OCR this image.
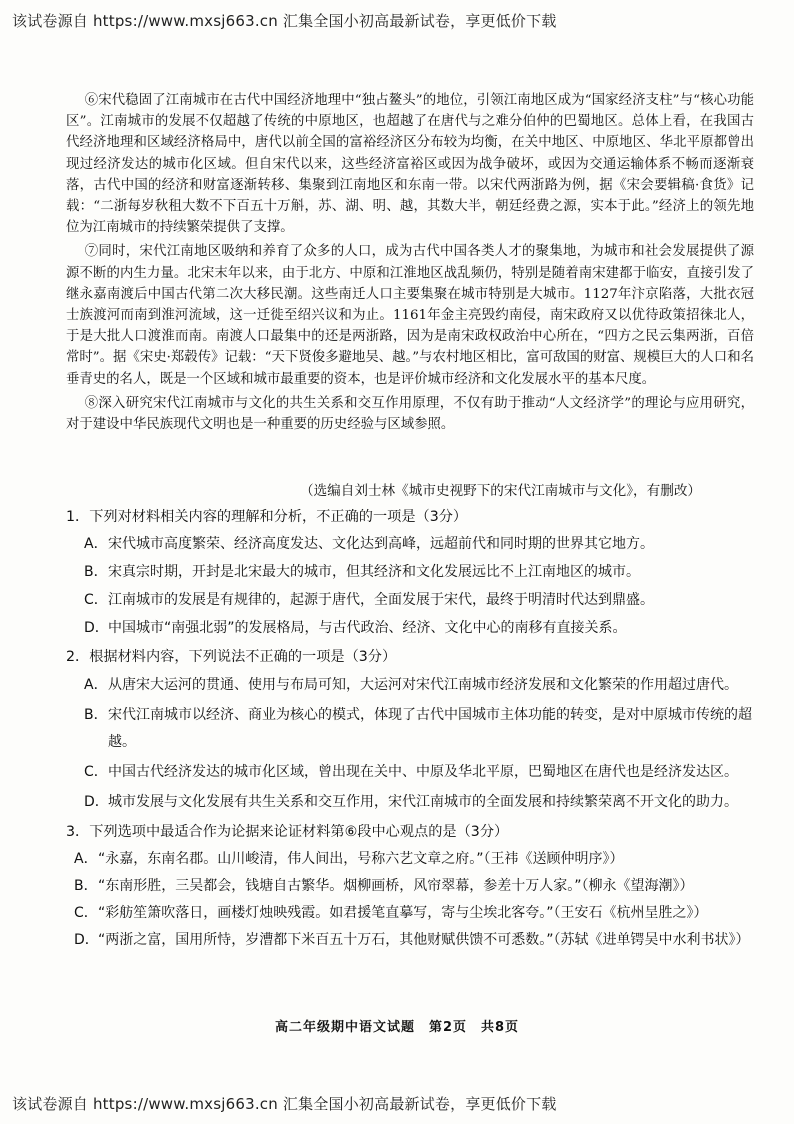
该试卷源自 https://www.mxsj663.cn 汇集全国小初高最新试卷，享更低价下载

⑥宋代稳固了江南城市在古代中国经济地理中“独占鳌头”的地位，引领江南地区成为“国家经济支柱”与“核心功能区”。江南城市的发展不仅超越了传统的中原地区，也超越了在唐代与之难分伯仲的巴蜀地区。总体上看，在我国古代经济地理和区域经济格局中，唐代以前全国的富裕经济区分布较为均衡，在关中地区、中原地区、华北平原都曾出现过经济发达的城市化区域。但自宋代以来，这些经济富裕区或因为战争破坏，或因为交通运输体系不畅而逐渐衰落，古代中国的经济和财富逐渐转移、集聚到江南地区和东南一带。以宋代两浙路为例，据《宋会要辑稿·食货》记载：“二浙每岁秋租大数不下百五十万斛，苏、湖、明、越，其数大半，朝廷经费之源，实本于此。”经济上的领先地位为江南城市的持续繁荣提供了支撑。

⑦同时，宋代江南地区吸纳和养育了众多的人口，成为古代中国各类人才的聚集地，为城市和社会发展提供了源源不断的内生力量。北宋末年以来，由于北方、中原和江淮地区战乱频仍，特别是随着南宋建都于临安，直接引发了继永嘉南渡后中国古代第二次大移民潮。这些南迁人口主要集聚在城市特别是大城市。1127年汴京陷落，大批衣冠士族渡河而南到淮河流域，这一迁徙至绍兴议和为止。1161年金主亮毁约南侵，南宋政府又以优待政策招徕北人，于是大批人口渡淮而南。南渡人口最集中的还是两浙路，因为是南宋政权政治中心所在，“四方之民云集两浙，百倍常时”。据《宋史·郑毂传》记载：“天下贤俊多避地吴、越。”与农村地区相比，富可敌国的财富、规模巨大的人口和名垂青史的名人，既是一个区域和城市最重要的资本，也是评价城市经济和文化发展水平的基本尺度。

⑧深入研究宋代江南城市与文化的共生关系和交互作用原理，不仅有助于推动“人文经济学”的理论与应用研究，对于建设中华民族现代文明也是一种重要的历史经验与区域参照。

（选编自刘士林《城市史视野下的宋代江南城市与文化》，有删改）
1．下列对材料相关内容的理解和分析，不正确的一项是（3分）
A． 宋代城市高度繁荣、经济高度发达、文化达到高峰，远超前代和同时期的世界其它地方。
B． 宋真宗时期，开封是北宋最大的城市，但其经济和文化发展远比不上江南地区的城市。
C． 江南城市的发展是有规律的，起源于唐代，全面发展于宋代，最终于明清时代达到鼎盛。
D． 中国城市“南强北弱”的发展格局，与古代政治、经济、文化中心的南移有直接关系。
2．根据材料内容，下列说法不正确的一项是（3分）
A． 从唐宋大运河的贯通、使用与布局可知，大运河对宋代江南城市经济发展和文化繁荣的作用超过唐代。
B． 宋代江南城市以经济、商业为核心的模式，体现了古代中国城市主体功能的转变，是对中原城市传统的超越。
C． 中国古代经济发达的城市化区域，曾出现在关中、中原及华北平原，巴蜀地区在唐代也是经济发达区。
D． 城市发展与文化发展有共生关系和交互作用，宋代江南城市的全面发展和持续繁荣离不开文化的助力。
3．下列选项中最适合作为论据来论证材料第⑥段中心观点的是（3分）
A． “永嘉，东南名郡。山川峻清，伟人间出，号称六艺文章之府。”（王祎《送顾仲明序》）
B． “东南形胜，三吴都会，钱塘自古繁华。烟柳画桥，风帘翠幕，参差十万人家。”（柳永《望海潮》）
C． “彩舫笙箫吹落日，画楼灯烛映残霞。如君援笔直摹写，寄与尘埃北客夸。”（王安石《杭州呈胜之》）
D． “两浙之富，国用所恃，岁漕都下米百五十万石，其他财赋供馈不可悉数。”（苏轼《进单锷吴中水利书状》）
高二年级期中语文试题　第2页　共8页
该试卷源自 https://www.mxsj663.cn 汇集全国小初高最新试卷，享更低价下载
